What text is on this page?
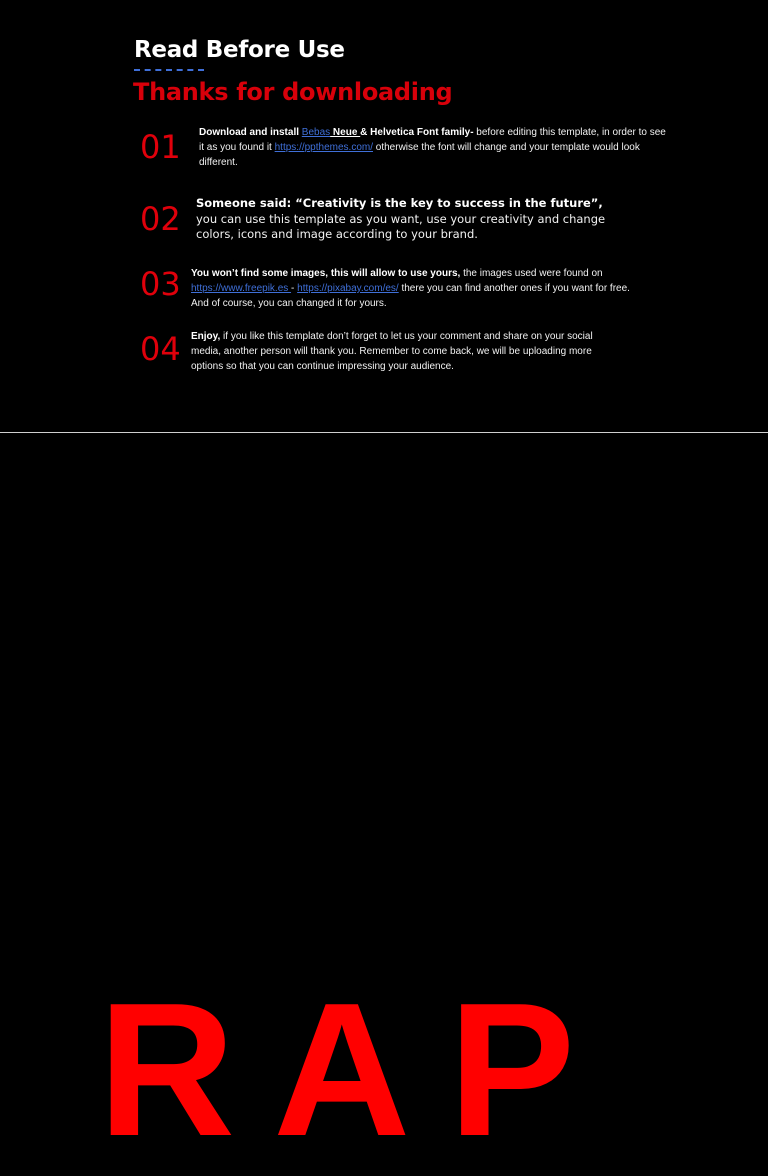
Read Before Use
Thanks for downloading
01 Download and install Bebas Neue & Helvetica Font family- before editing this template, in order to see it as you found it https://ppthemes.com/ otherwise the font will change and your template would look different.
02 Someone said: “Creativity is the key to success in the future”, you can use this template as you want, use your creativity and change colors, icons and image according to your brand.
03 You won’t find some images, this will allow to use yours, the images used were found on https://www.freepik.es - https://pixabay.com/es/ there you can find another ones if you want for free. And of course, you can changed it for yours.
04 Enjoy, if you like this template don’t forget to let us your comment and share on your social media, another person will thank you. Remember to come back, we will be uploading more options so that you can continue impressing your audience.
RAP
